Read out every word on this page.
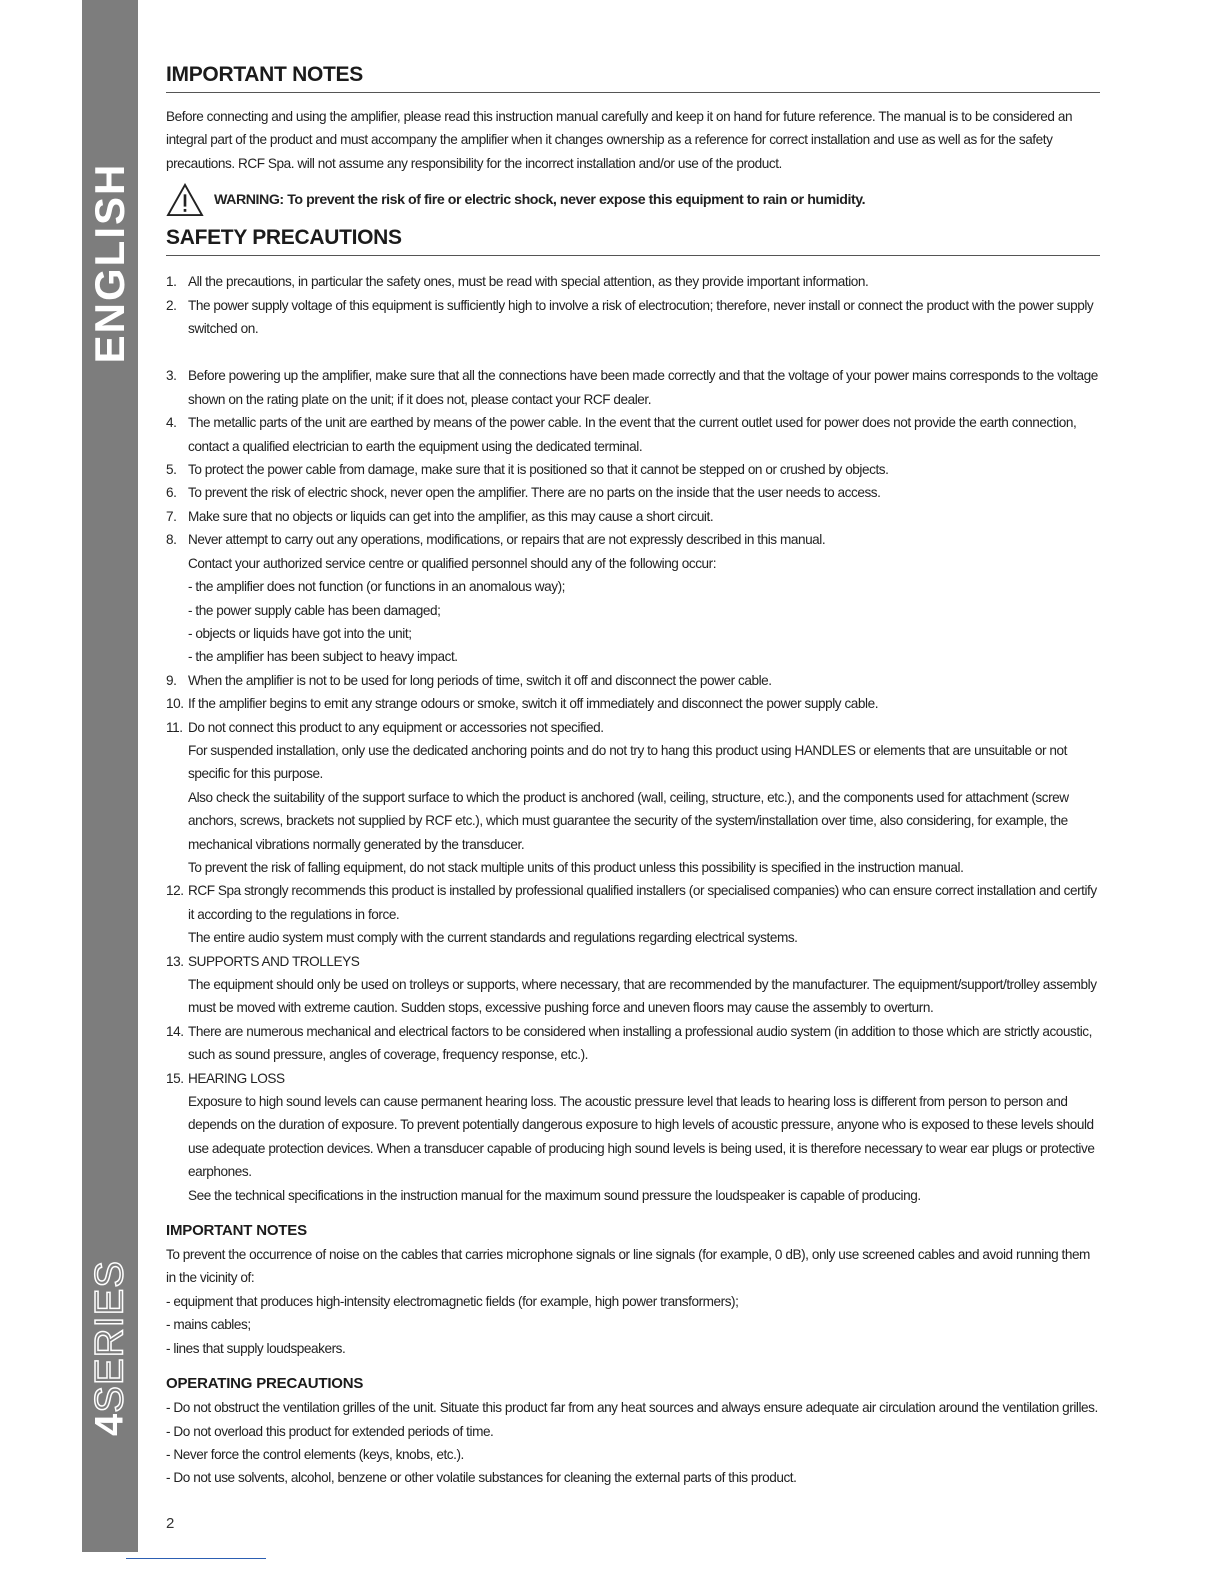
ENGLISH
4SERIES
IMPORTANT NOTES

Before connecting and using the amplifier, please read this instruction manual carefully and keep it on hand for future reference. The manual is to be considered an integral part of the product and must accompany the amplifier when it changes ownership as a reference for correct installation and use as well as for the safety precautions. RCF Spa. will not assume any responsibility for the incorrect installation and/or use of the product.

WARNING: To prevent the risk of fire or electric shock, never expose this equipment to rain or humidity.
SAFETY PRECAUTIONS
1. All the precautions, in particular the safety ones, must be read with special attention, as they provide important information.
2. The power supply voltage of this equipment is sufficiently high to involve a risk of electrocution; therefore, never install or connect the product with the power supply switched on.
3. Before powering up the amplifier, make sure that all the connections have been made correctly and that the voltage of your power mains corresponds to the voltage shown on the rating plate on the unit; if it does not, please contact your RCF dealer.
4. The metallic parts of the unit are earthed by means of the power cable. In the event that the current outlet used for power does not provide the earth connection, contact a qualified electrician to earth the equipment using the dedicated terminal.
5. To protect the power cable from damage, make sure that it is positioned so that it cannot be stepped on or crushed by objects.
6. To prevent the risk of electric shock, never open the amplifier. There are no parts on the inside that the user needs to access.
7. Make sure that no objects or liquids can get into the amplifier, as this may cause a short circuit.
8. Never attempt to carry out any operations, modifications, or repairs that are not expressly described in this manual.
Contact your authorized service centre or qualified personnel should any of the following occur:
- the amplifier does not function (or functions in an anomalous way);
- the power supply cable has been damaged;
- objects or liquids have got into the unit;
- the amplifier has been subject to heavy impact.
9. When the amplifier is not to be used for long periods of time, switch it off and disconnect the power cable.
10. If the amplifier begins to emit any strange odours or smoke, switch it off immediately and disconnect the power supply cable.
11. Do not connect this product to any equipment or accessories not specified.
For suspended installation, only use the dedicated anchoring points and do not try to hang this product using HANDLES or elements that are unsuitable or not specific for this purpose.
Also check the suitability of the support surface to which the product is anchored (wall, ceiling, structure, etc.), and the components used for attachment (screw anchors, screws, brackets not supplied by RCF etc.), which must guarantee the security of the system/installation over time, also considering, for example, the mechanical vibrations normally generated by the transducer.
To prevent the risk of falling equipment, do not stack multiple units of this product unless this possibility is specified in the instruction manual.
12. RCF Spa strongly recommends this product is installed by professional qualified installers (or specialised companies) who can ensure correct installation and certify it according to the regulations in force.
The entire audio system must comply with the current standards and regulations regarding electrical systems.
13. SUPPORTS AND TROLLEYS
The equipment should only be used on trolleys or supports, where necessary, that are recommended by the manufacturer. The equipment/support/trolley assembly must be moved with extreme caution. Sudden stops, excessive pushing force and uneven floors may cause the assembly to overturn.
14. There are numerous mechanical and electrical factors to be considered when installing a professional audio system (in addition to those which are strictly acoustic, such as sound pressure, angles of coverage, frequency response, etc.).
15. HEARING LOSS
Exposure to high sound levels can cause permanent hearing loss. The acoustic pressure level that leads to hearing loss is different from person to person and depends on the duration of exposure. To prevent potentially dangerous exposure to high levels of acoustic pressure, anyone who is exposed to these levels should use adequate protection devices. When a transducer capable of producing high sound levels is being used, it is therefore necessary to wear ear plugs or protective earphones.
See the technical specifications in the instruction manual for the maximum sound pressure the loudspeaker is capable of producing.
IMPORTANT NOTES

To prevent the occurrence of noise on the cables that carries microphone signals or line signals (for example, 0 dB), only use screened cables and avoid running them in the vicinity of:

- equipment that produces high-intensity electromagnetic fields (for example, high power transformers);

- mains cables;

- lines that supply loudspeakers.

OPERATING PRECAUTIONS

- Do not obstruct the ventilation grilles of the unit. Situate this product far from any heat sources and always ensure adequate air circulation around the ventilation grilles.

- Do not overload this product for extended periods of time.

- Never force the control elements (keys, knobs, etc.).

- Do not use solvents, alcohol, benzene or other volatile substances for cleaning the external parts of this product.

2
